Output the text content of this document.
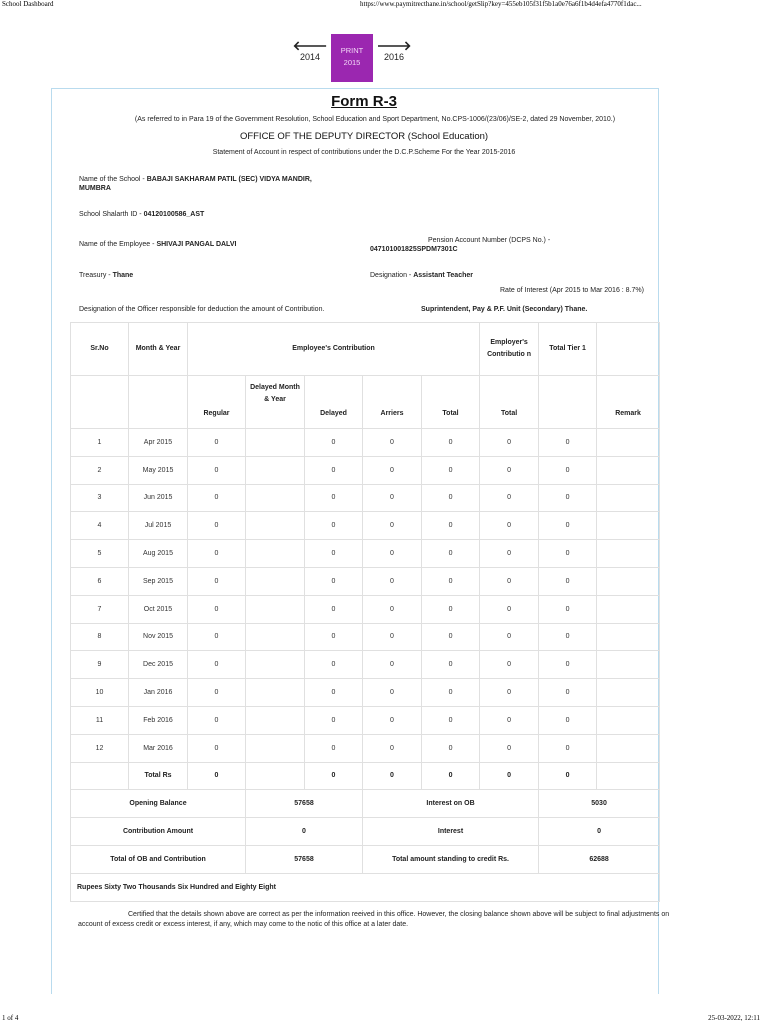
School Dashboard	https://www.paymitrecthane.in/school/getSlip?key=455eb105f31f5b1a0e76a6f1b4d4efa4770f1dac...
🡐
2014
PRINT
2015
🡒
2016
Form R-3
(As referred to in Para 19 of the Government Resolution, School Education and Sport Department, No.CPS-1006/(23/06)/SE-2, dated 29 November, 2010.)
OFFICE OF THE DEPUTY DIRECTOR (School Education)
Statement of Account in respect of contributions under the D.C.P.Scheme For the Year 2015-2016
Name of the School - BABAJI SAKHARAM PATIL (SEC) VIDYA MANDIR,
MUMBRA
School Shalarth ID - 04120100586_AST
Name of the Employee - SHIVAJI PANGAL DALVI
Pension Account Number (DCPS No.) -
047101001825SPDM7301C
Treasury - Thane	Designation - Assistant Teacher
Rate of Interest (Apr 2015 to Mar 2016 : 8.7%)
Designation of the Officer responsible for deduction the amount of Contribution.	Suprintendent, Pay & P.F. Unit (Secondary) Thane.
Sr.No	Month & Year	Employee's Contribution					Employer's Contributio n	Total Tier 1	
		Regular	Delayed Month & Year	Delayed	Arriers	Total	Total		Remark
1	Apr 2015	0		0	0	0	0	0	
2	May 2015	0		0	0	0	0	0	
3	Jun 2015	0		0	0	0	0	0	
4	Jul 2015	0		0	0	0	0	0	
5	Aug 2015	0		0	0	0	0	0	
6	Sep 2015	0		0	0	0	0	0	
7	Oct 2015	0		0	0	0	0	0	
8	Nov 2015	0		0	0	0	0	0	
9	Dec 2015	0		0	0	0	0	0	
10	Jan 2016	0		0	0	0	0	0	
11	Feb 2016	0		0	0	0	0	0	
12	Mar 2016	0		0	0	0	0	0	
	Total Rs	0		0	0	0	0	0	
Opening Balance			57658		Interest on OB			5030	
Contribution Amount			0		Interest			0	
Total of OB and Contribution			57658		Total amount standing to credit Rs.			62688	
Rupees Sixty Two Thousands Six Hundred and Eighty Eight									
Certified that the details shown above are correct as per the information reeived in this office. However, the closing balance shown above will be subject to final adjustments on account of excess credit or excess interest, if any, which may come to the notic of this office at a later date.
1 of 4	25-03-2022, 12:11
